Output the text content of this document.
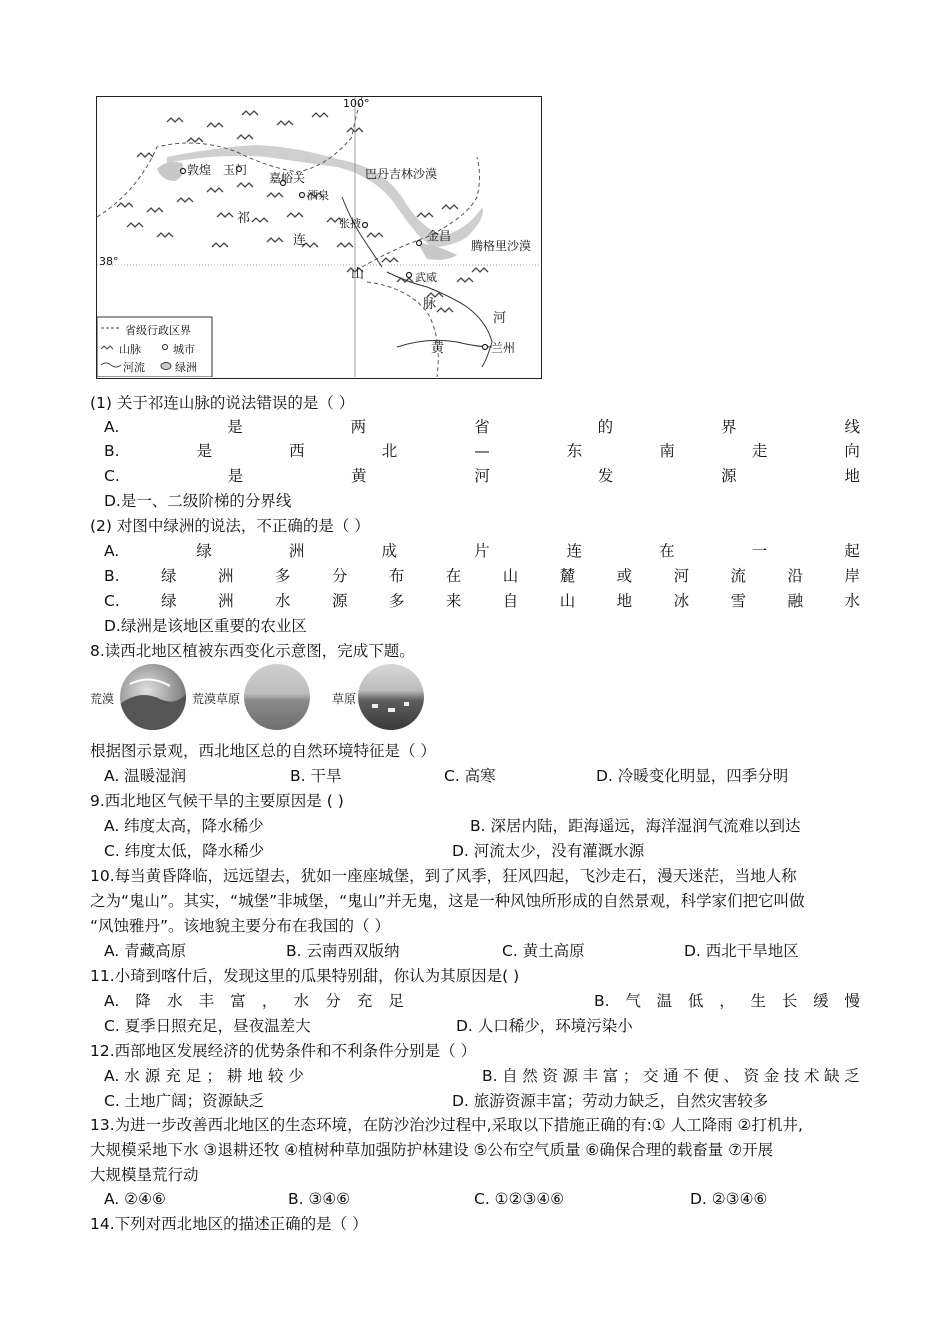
100°
38°
敦煌 玉门
嘉峪关
酒泉
巴丹吉林沙漠
张掖
金昌
腾格里沙漠
武威
兰州
祁
连
山
脉
黄
河
省级行政区界
山脉	城市
河流	绿洲
(1) 关于祁连山脉的说法错误的是（ ）
A.	是	两	省	的	界	线
B.	是	西	北	—	东	南	走	向
C.	是	黄	河	发	源	地
D.是一、二级阶梯的分界线
(2) 对图中绿洲的说法，不正确的是（ ）
A.	绿	洲	成	片	连	在	一	起
B.	绿	洲	多	分	布	在	山	麓	或	河	流	沿	岸
C.	绿	洲	水	源	多	来	自	山	地	冰	雪	融	水
D.绿洲是该地区重要的农业区
8.读西北地区植被东西变化示意图，完成下题。
荒漠	荒漠草原	草原
根据图示景观，西北地区总的自然环境特征是（ ）
A. 温暖湿润	B. 干旱	C. 高寒	D. 冷暖变化明显，四季分明
9.西北地区气候干旱的主要原因是 ( )
A. 纬度太高，降水稀少	B. 深居内陆，距海遥远，海洋湿润气流难以到达
C. 纬度太低，降水稀少	D. 河流太少，没有灌溉水源
10.每当黄昏降临，远远望去，犹如一座座城堡，到了风季，狂风四起，飞沙走石，漫天迷茫，当地人称
之为“鬼山”。其实，“城堡”非城堡，“鬼山”并无鬼，这是一种风蚀所形成的自然景观，科学家们把它叫做
“风蚀雅丹”。该地貌主要分布在我国的（ ）
A. 青藏高原	B. 云南西双版纳	C. 黄土高原	D. 西北干旱地区
11.小琦到喀什后，发现这里的瓜果特别甜，你认为其原因是( )
A. 降 水 丰 富 ， 水 分 充 足	B. 气 温 低 ， 生 长 缓 慢
C. 夏季日照充足，昼夜温差大	D. 人口稀少，环境污染小
12.西部地区发展经济的优势条件和不利条件分别是（ ）
A. 水 源 充 足 ； 耕 地 较 少	B. 自 然 资 源 丰 富 ； 交 通 不 便 、 资 金 技 术 缺 乏
C. 土地广阔；资源缺乏	D. 旅游资源丰富；劳动力缺乏，自然灾害较多
13.为进一步改善西北地区的生态环境，在防沙治沙过程中,采取以下措施正确的有:① 人工降雨 ②打机井,
大规模采地下水 ③退耕还牧 ④植树种草加强防护林建设 ⑤公布空气质量 ⑥确保合理的载畜量 ⑦开展
大规模垦荒行动
A. ②④⑥	B. ③④⑥	C. ①②③④⑥	D. ②③④⑥
14.下列对西北地区的描述正确的是（ ）
